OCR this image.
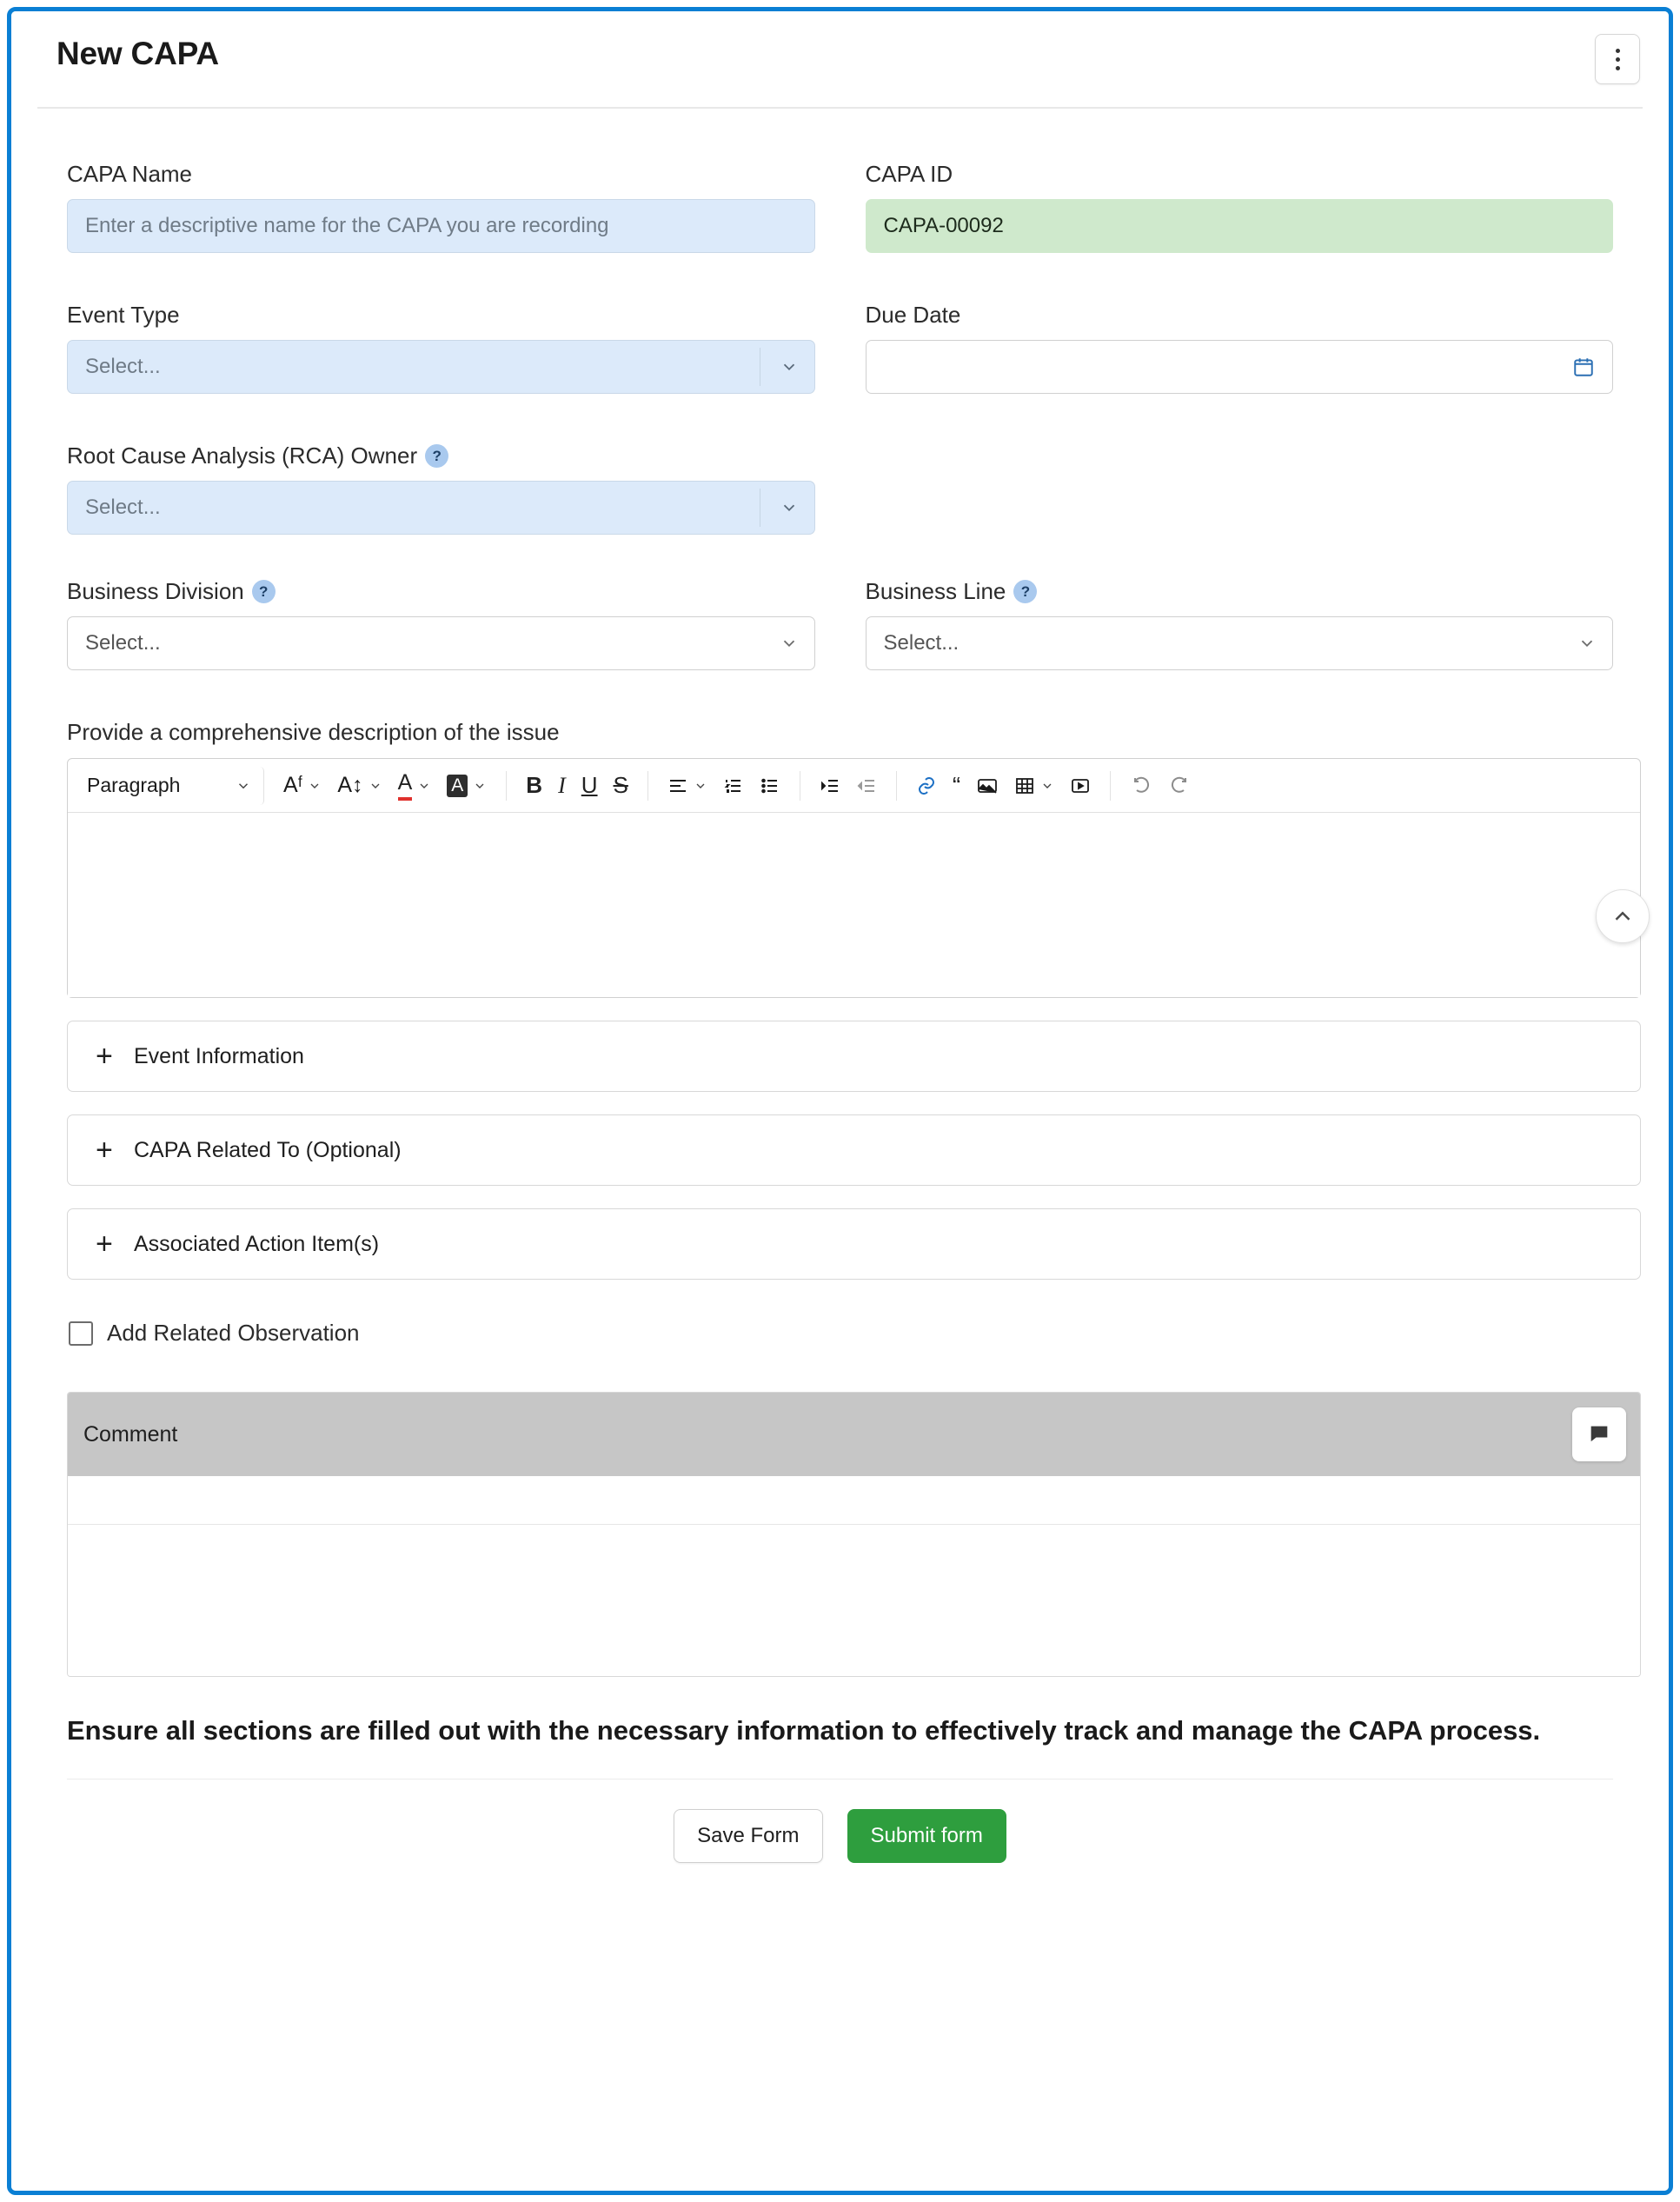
New CAPA
CAPA Name
Enter a descriptive name for the CAPA you are recording
CAPA ID
CAPA-00092
Event Type
Select...
Due Date
Root Cause Analysis (RCA) Owner	?
Select...
Business Division	?
Select...
Business Line	?
Select...
Provide a comprehensive description of the issue
Paragraph	Aᶠ A↕ A A	B I U S	“
+ Event Information
+ CAPA Related To (Optional)
+ Associated Action Item(s)
Add Related Observation
Comment
Ensure all sections are filled out with the necessary information to effectively track and manage the CAPA process.
Save Form	Submit form
